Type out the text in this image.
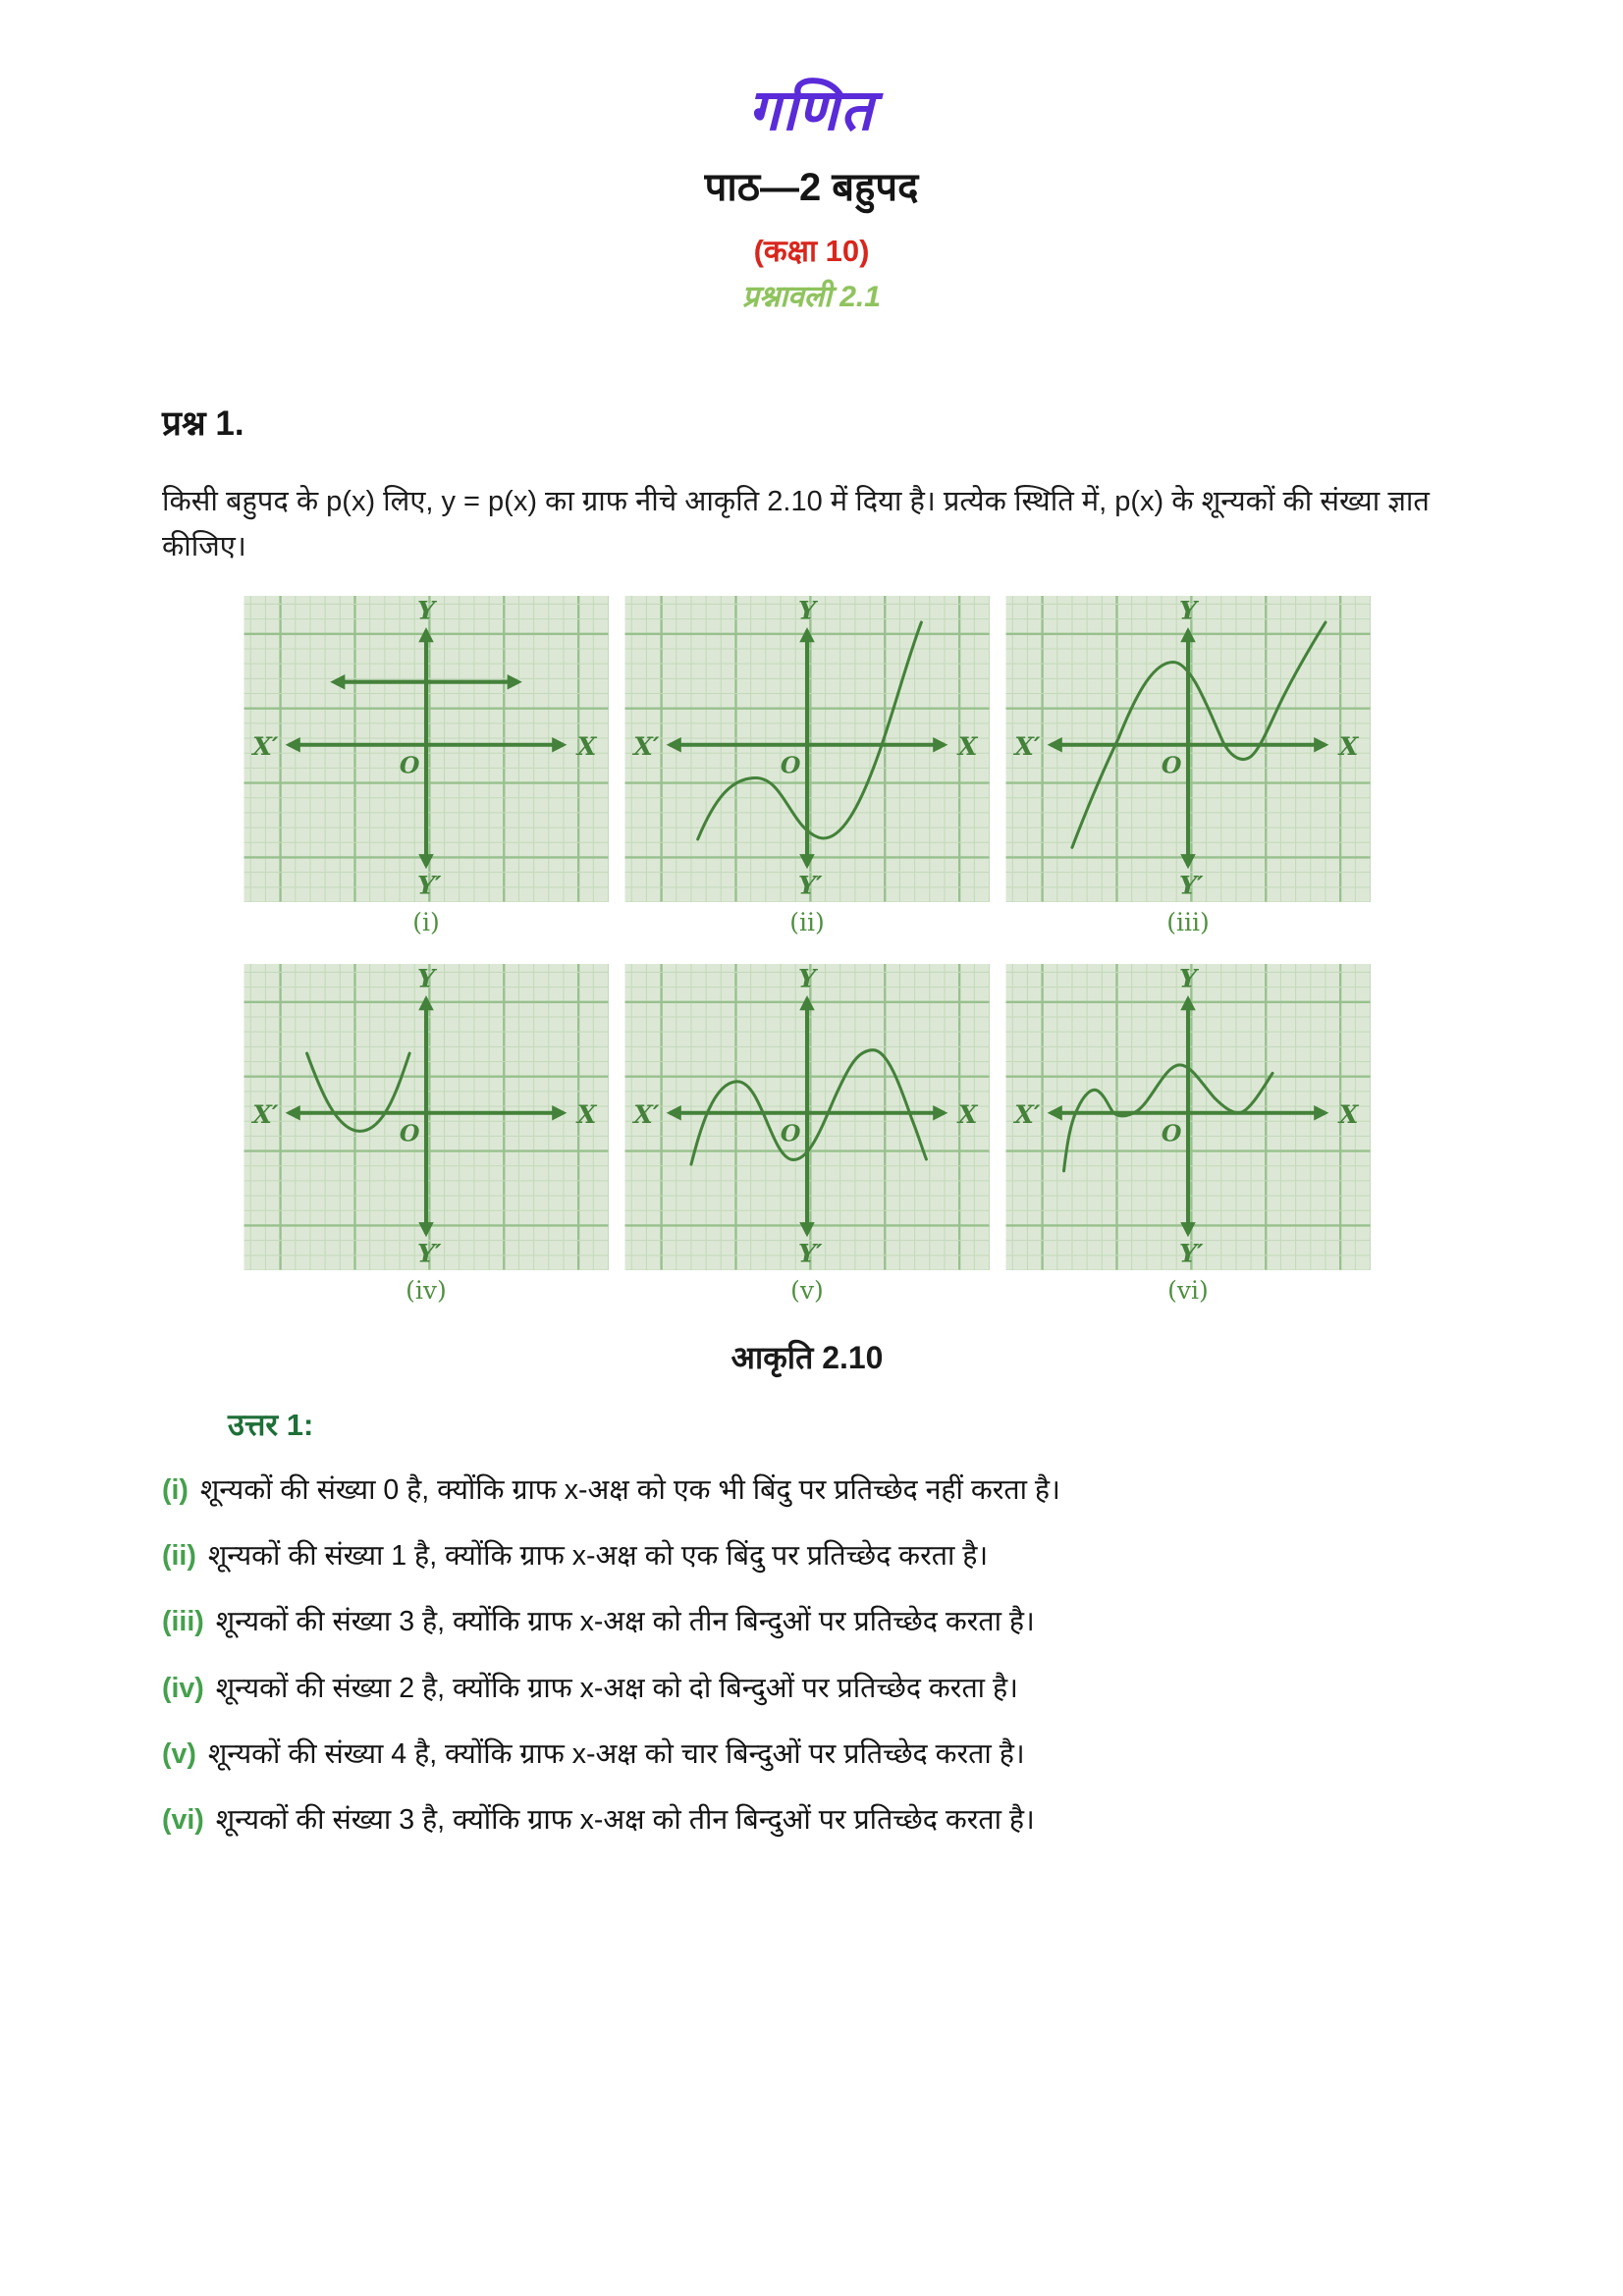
गणित
पाठ—2 बहुपद
(कक्षा 10)
प्रश्नावली 2.1
प्रश्न 1.
किसी बहुपद के p(x) लिए, y = p(x) का ग्राफ नीचे आकृति 2.10 में दिया है। प्रत्येक स्थिति में, p(x) के शून्यकों की संख्या ज्ञात कीजिए।
Y
Y′
X′	X
O
(i)
Y
Y′
X′	X
O
(ii)
Y
Y′
X′	X
O
(iii)
Y
Y′
X′	X
O
(iv)
Y
Y′
X′	X
O
(v)
Y
Y′
X′	X
O
(vi)
आकृति 2.10
उत्तर 1:
(i) शून्यकों की संख्या 0 है, क्योंकि ग्राफ x-अक्ष को एक भी बिंदु पर प्रतिच्छेद नहीं करता है।
(ii) शून्यकों की संख्या 1 है, क्योंकि ग्राफ x-अक्ष को एक बिंदु पर प्रतिच्छेद करता है।
(iii) शून्यकों की संख्या 3 है, क्योंकि ग्राफ x-अक्ष को तीन बिन्दुओं पर प्रतिच्छेद करता है।
(iv) शून्यकों की संख्या 2 है, क्योंकि ग्राफ x-अक्ष को दो बिन्दुओं पर प्रतिच्छेद करता है।
(v) शून्यकों की संख्या 4 है, क्योंकि ग्राफ x-अक्ष को चार बिन्दुओं पर प्रतिच्छेद करता है।
(vi) शून्यकों की संख्या 3 है, क्योंकि ग्राफ x-अक्ष को तीन बिन्दुओं पर प्रतिच्छेद करता है।
